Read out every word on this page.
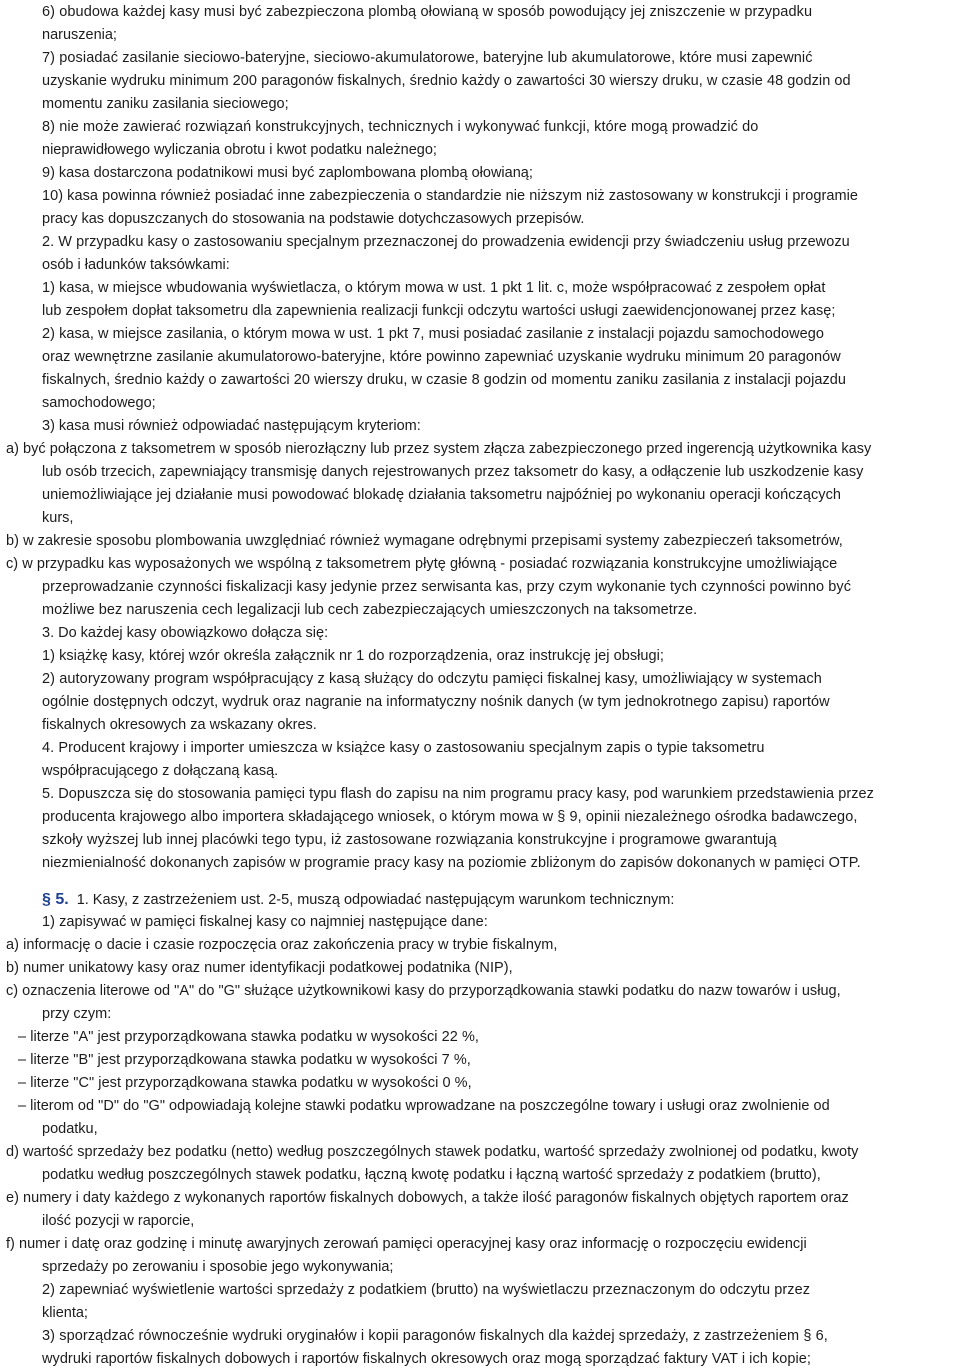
6) obudowa każdej kasy musi być zabezpieczona plombą ołowianą w sposób powodujący jej zniszczenie w przypadku
naruszenia;
7) posiadać zasilanie sieciowo-bateryjne, sieciowo-akumulatorowe, bateryjne lub akumulatorowe, które musi zapewnić
uzyskanie wydruku minimum 200 paragonów fiskalnych, średnio każdy o zawartości 30 wierszy druku, w czasie 48 godzin od
momentu zaniku zasilania sieciowego;
8) nie może zawierać rozwiązań konstrukcyjnych, technicznych i wykonywać funkcji, które mogą prowadzić do
nieprawidłowego wyliczania obrotu i kwot podatku należnego;
9) kasa dostarczona podatnikowi musi być zaplombowana plombą ołowianą;
10) kasa powinna również posiadać inne zabezpieczenia o standardzie nie niższym niż zastosowany w konstrukcji i programie
pracy kas dopuszczanych do stosowania na podstawie dotychczasowych przepisów.
2. W przypadku kasy o zastosowaniu specjalnym przeznaczonej do prowadzenia ewidencji przy świadczeniu usług przewozu
osób i ładunków taksówkami:
1) kasa, w miejsce wbudowania wyświetlacza, o którym mowa w ust. 1 pkt 1 lit. c, może współpracować z zespołem opłat
lub zespołem dopłat taksometru dla zapewnienia realizacji funkcji odczytu wartości usługi zaewidencjonowanej przez kasę;
2) kasa, w miejsce zasilania, o którym mowa w ust. 1 pkt 7, musi posiadać zasilanie z instalacji pojazdu samochodowego
oraz wewnętrzne zasilanie akumulatorowo-bateryjne, które powinno zapewniać uzyskanie wydruku minimum 20 paragonów
fiskalnych, średnio każdy o zawartości 20 wierszy druku, w czasie 8 godzin od momentu zaniku zasilania z instalacji pojazdu
samochodowego;
3) kasa musi również odpowiadać następującym kryteriom:
a) być połączona z taksometrem w sposób nierozłączny lub przez system złącza zabezpieczonego przed ingerencją użytkownika kasy
lub osób trzecich, zapewniający transmisję danych rejestrowanych przez taksometr do kasy, a odłączenie lub uszkodzenie kasy
uniemożliwiające jej działanie musi powodować blokadę działania taksometru najpóźniej po wykonaniu operacji kończących
kurs,
b) w zakresie sposobu plombowania uwzględniać również wymagane odrębnymi przepisami systemy zabezpieczeń taksometrów,
c) w przypadku kas wyposażonych we wspólną z taksometrem płytę główną - posiadać rozwiązania konstrukcyjne umożliwiające
przeprowadzanie czynności fiskalizacji kasy jedynie przez serwisanta kas, przy czym wykonanie tych czynności powinno być
możliwe bez naruszenia cech legalizacji lub cech zabezpieczających umieszczonych na taksometrze.
3. Do każdej kasy obowiązkowo dołącza się:
1) książkę kasy, której wzór określa załącznik nr 1 do rozporządzenia, oraz instrukcję jej obsługi;
2) autoryzowany program współpracujący z kasą służący do odczytu pamięci fiskalnej kasy, umożliwiający w systemach
ogólnie dostępnych odczyt, wydruk oraz nagranie na informatyczny nośnik danych (w tym jednokrotnego zapisu) raportów
fiskalnych okresowych za wskazany okres.
4. Producent krajowy i importer umieszcza w książce kasy o zastosowaniu specjalnym zapis o typie taksometru
współpracującego z dołączaną kasą.
5. Dopuszcza się do stosowania pamięci typu flash do zapisu na nim programu pracy kasy, pod warunkiem przedstawienia przez
producenta krajowego albo importera składającego wniosek, o którym mowa w § 9, opinii niezależnego ośrodka badawczego,
szkoły wyższej lub innej placówki tego typu, iż zastosowane rozwiązania konstrukcyjne i programowe gwarantują
niezmienialność dokonanych zapisów w programie pracy kasy na poziomie zbliżonym do zapisów dokonanych w pamięci OTP.
1) zapisywać w pamięci fiskalnej kasy co najmniej następujące dane:
a) informację o dacie i czasie rozpoczęcia oraz zakończenia pracy w trybie fiskalnym,
b) numer unikatowy kasy oraz numer identyfikacji podatkowej podatnika (NIP),
c) oznaczenia literowe od "A" do "G" służące użytkownikowi kasy do przyporządkowania stawki podatku do nazw towarów i usług,
przy czym:
– literze "A" jest przyporządkowana stawka podatku w wysokości 22 %,
– literze "B" jest przyporządkowana stawka podatku w wysokości 7 %,
– literze "C" jest przyporządkowana stawka podatku w wysokości 0 %,
– literom od "D" do "G" odpowiadają kolejne stawki podatku wprowadzane na poszczególne towary i usługi oraz zwolnienie od
podatku,
d) wartość sprzedaży bez podatku (netto) według poszczególnych stawek podatku, wartość sprzedaży zwolnionej od podatku, kwoty
podatku według poszczególnych stawek podatku, łączną kwotę podatku i łączną wartość sprzedaży z podatkiem (brutto),
e) numery i daty każdego z wykonanych raportów fiskalnych dobowych, a także ilość paragonów fiskalnych objętych raportem oraz
ilość pozycji w raporcie,
f) numer i datę oraz godzinę i minutę awaryjnych zerowań pamięci operacyjnej kasy oraz informację o rozpoczęciu ewidencji
sprzedaży po zerowaniu i sposobie jego wykonywania;
2) zapewniać wyświetlenie wartości sprzedaży z podatkiem (brutto) na wyświetlaczu przeznaczonym do odczytu przez
klienta;
3) sporządzać równocześnie wydruki oryginałów i kopii paragonów fiskalnych dla każdej sprzedaży, z zastrzeżeniem § 6,
wydruki raportów fiskalnych dobowych i raportów fiskalnych okresowych oraz mogą sporządzać faktury VAT i ich kopie;
§ 5. 1. Kasy, z zastrzeżeniem ust. 2-5, muszą odpowiadać następującym warunkom technicznym:
